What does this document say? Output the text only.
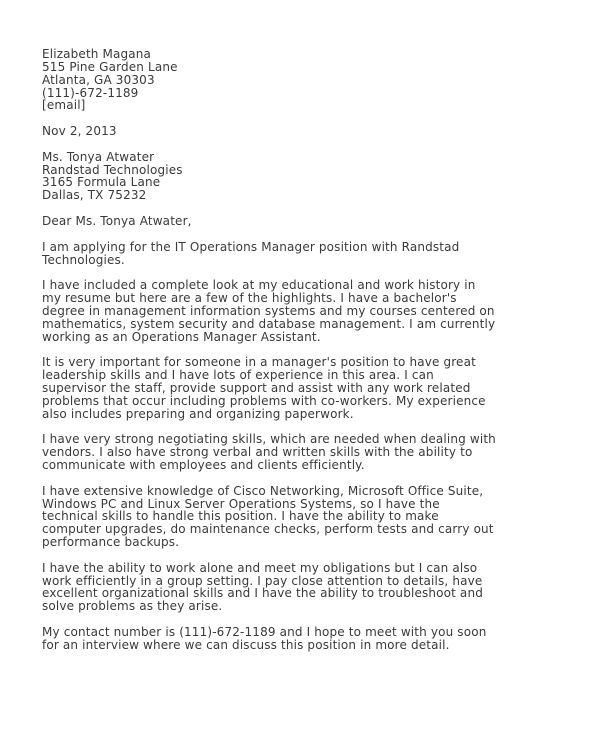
Elizabeth Magana
515 Pine Garden Lane
Atlanta, GA 30303
(111)-672-1189
[email]
Nov 2, 2013
Ms. Tonya Atwater
Randstad Technologies
3165 Formula Lane
Dallas, TX 75232
Dear Ms. Tonya Atwater,
I am applying for the IT Operations Manager position with Randstad
Technologies.
I have included a complete look at my educational and work history in
my resume but here are a few of the highlights. I have a bachelor's
degree in management information systems and my courses centered on
mathematics, system security and database management. I am currently
working as an Operations Manager Assistant.
It is very important for someone in a manager's position to have great
leadership skills and I have lots of experience in this area. I can
supervisor the staff, provide support and assist with any work related
problems that occur including problems with co-workers. My experience
also includes preparing and organizing paperwork.
I have very strong negotiating skills, which are needed when dealing with
vendors. I also have strong verbal and written skills with the ability to
communicate with employees and clients efficiently.
I have extensive knowledge of Cisco Networking, Microsoft Office Suite,
Windows PC and Linux Server Operations Systems, so I have the
technical skills to handle this position. I have the ability to make
computer upgrades, do maintenance checks, perform tests and carry out
performance backups.
I have the ability to work alone and meet my obligations but I can also
work efficiently in a group setting. I pay close attention to details, have
excellent organizational skills and I have the ability to troubleshoot and
solve problems as they arise.
My contact number is (111)-672-1189 and I hope to meet with you soon
for an interview where we can discuss this position in more detail.
